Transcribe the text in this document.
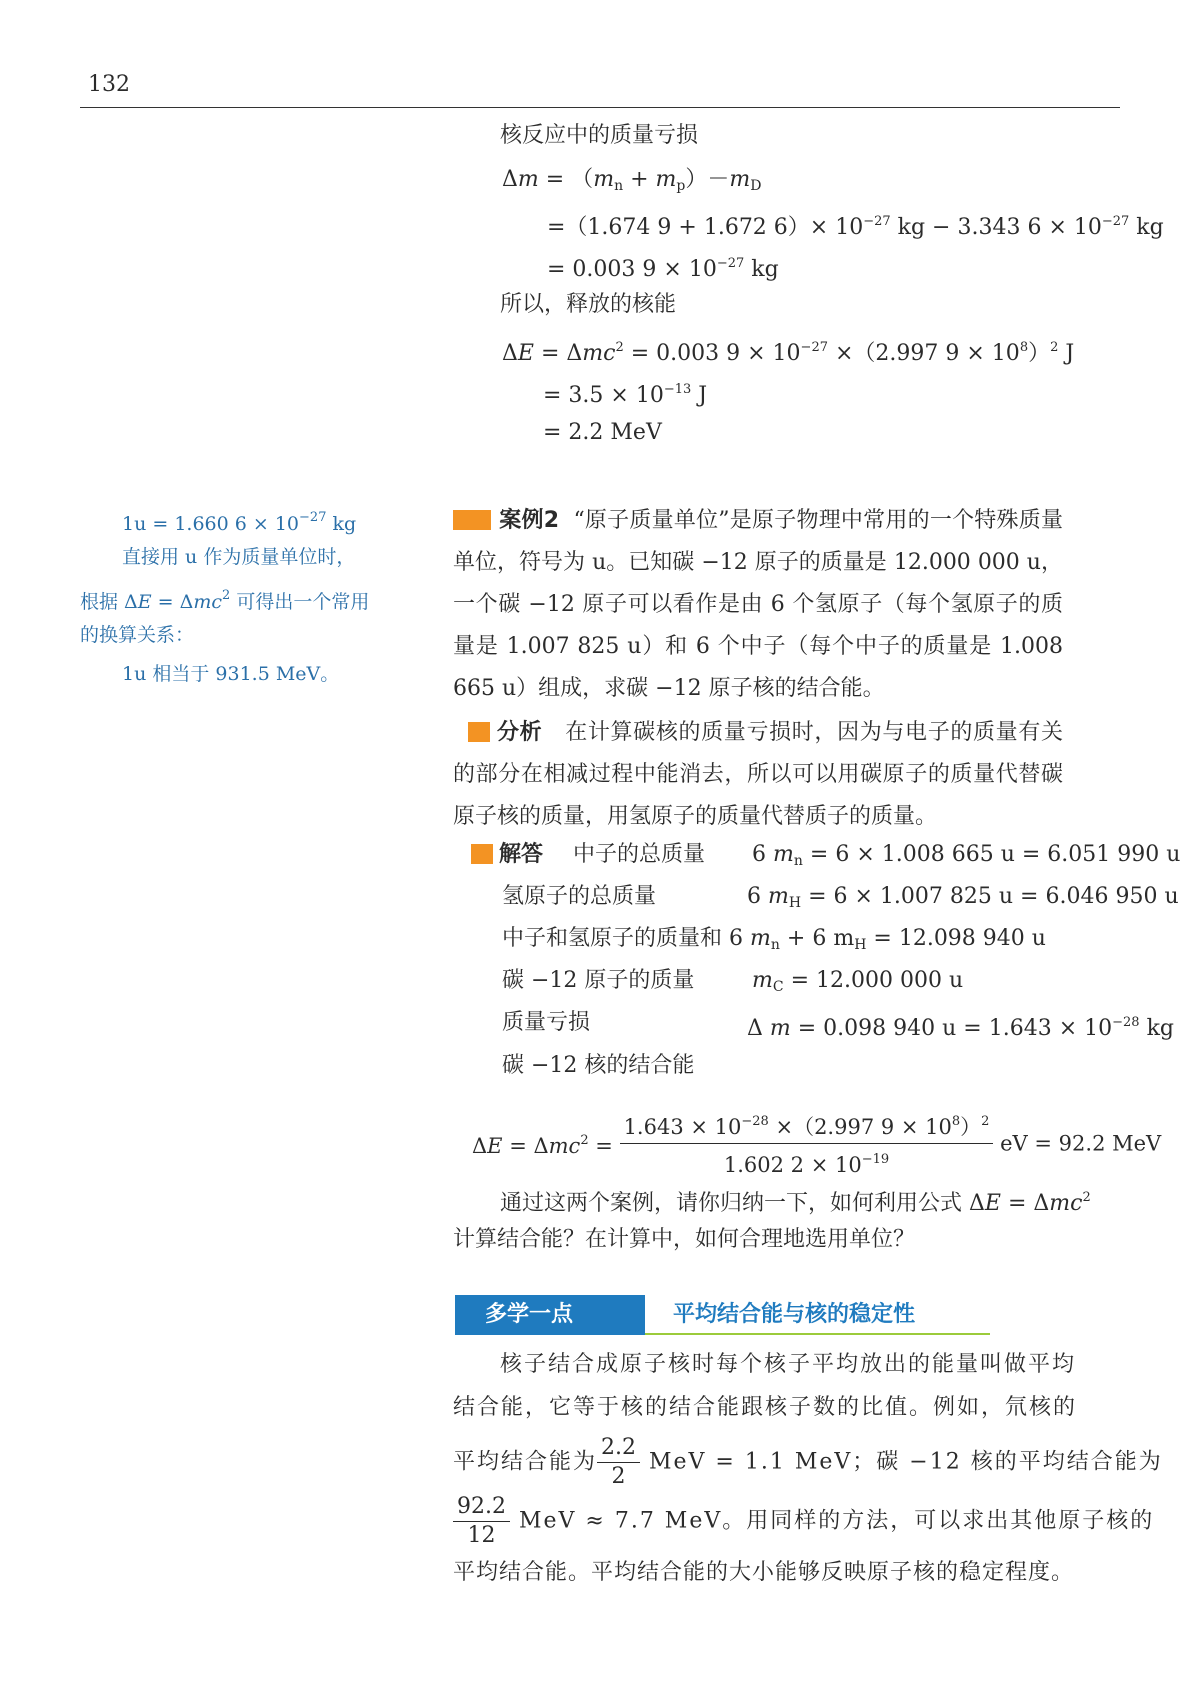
132
核反应中的质量亏损
Δm = （mn + mp）－mD
=（1.674 9 + 1.672 $6)\times 10^{-27}$ kg − 3.343 $6 \times 10^{-27}$ kg
= 0.003 $9 \times 10^{-27}$ kg
所以，释放的核能
ΔE = Δmc$^2$ = 0.003 $9 \times 10^{-27} \times(2.997$ $9 \times 10^8)^2$ J
= $3.5 \times 10^{-13}$ J
= 2.2 MeV
1u = 1.660 $6 \times 10^{-27}$ kg
直接用 u 作为质量单位时，
根据 ΔE = Δmc$^2$ 可得出一个常用
的换算关系：
1u 相当于 931.5 MeV。
案例2 “原子质量单位”是原子物理中常用的一个特殊质量单位，符号为 u。已知碳 −12 原子的质量是 12.000 000 u，一个碳 −12 原子可以看作是由 6 个氢原子（每个氢原子的质量是 1.007 825 u）和 6 个中子（每个中子的质量是 1.008 665 u）组成，求碳 −12 原子核的结合能。
分析 在计算碳核的质量亏损时，因为与电子的质量有关的部分在相减过程中能消去，所以可以用碳原子的质量代替碳原子核的质量，用氢原子的质量代替质子的质量。
解答 中子的总质量 6 mn = 6 × 1.008 665 u = 6.051 990 u
氢原子的总质量	6 mH = 6 × 1.007 825 u = 6.046 950 u
中子和氢原子的质量和 6 mn + 6 mH = 12.098 940 u
碳 −12 原子的质量	mC = 12.000 000 u
质量亏损	Δ m = 0.098 940 $u = 1.643 \times 10^{-28}$ kg
碳 −12 核的结合能
$\Delta E = \Delta mc^2 = \frac{1.643 \times 10^{-28} \times(2.997 9 \times 10^8)^2}{1.602 2 \times 10^{-19}}$ eV = 92.2 MeV
通过这两个案例，请你归纳一下，如何利用公式 ΔE = Δmc$^2$
计算结合能？在计算中，如何合理地选用单位？
多学一点	平均结合能与核的稳定性
核子结合成原子核时每个核子平均放出的能量叫做平均
结合能，它等于核的结合能跟核子数的比值。例如，氘核的
平均结合能为 $\frac{2.2}{2}$ MeV = 1.1 MeV；碳 −12 核的平均结合能为
$\frac{92.2}{12}$ MeV ≈ 7.7 MeV。用同样的方法，可以求出其他原子核的
平均结合能。平均结合能的大小能够反映原子核的稳定程度。
